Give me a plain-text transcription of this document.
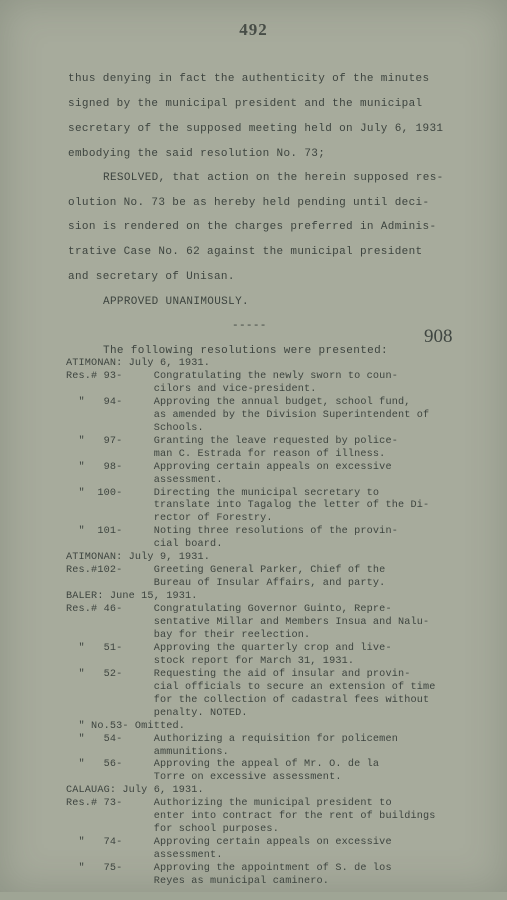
492
thus denying in fact the authenticity of the minutes
signed by the municipal president and the municipal
secretary of the supposed meeting held on July 6, 1931
embodying the said resolution No. 73;
RESOLVED, that action on the herein supposed res-
olution No. 73 be as hereby held pending until deci-
sion is rendered on the charges preferred in Adminis-
trative Case No. 62 against the municipal president
and secretary of Unisan.
APPROVED UNANIMOUSLY.
-----
The following resolutions were presented:
908
ATIMONAN: July 6, 1931.
Res.# 93-     Congratulating the newly sworn to coun-
cilors and vice-president.
"   94-     Approving the annual budget, school fund,
as amended by the Division Superintendent of
Schools.
"   97-     Granting the leave requested by police-
man C. Estrada for reason of illness.
"   98-     Approving certain appeals on excessive
assessment.
"  100-     Directing the municipal secretary to
translate into Tagalog the letter of the Di-
rector of Forestry.
"  101-     Noting three resolutions of the provin-
cial board.
ATIMONAN: July 9, 1931.
Res.#102-     Greeting General Parker, Chief of the
Bureau of Insular Affairs, and party.
BALER: June 15, 1931.
Res.# 46-     Congratulating Governor Guinto, Repre-
sentative Millar and Members Insua and Nalu-
bay for their reelection.
"   51-     Approving the quarterly crop and live-
stock report for March 31, 1931.
"   52-     Requesting the aid of insular and provin-
cial officials to secure an extension of time
for the collection of cadastral fees without
penalty. NOTED.
" No.53- Omitted.
"   54-     Authorizing a requisition for policemen
ammunitions.
"   56-     Approving the appeal of Mr. O. de la
Torre on excessive assessment.
CALAUAG: July 6, 1931.
Res.# 73-     Authorizing the municipal president to
enter into contract for the rent of buildings
for school purposes.
"   74-     Approving certain appeals on excessive
assessment.
"   75-     Approving the appointment of S. de los
Reyes as municipal caminero.
